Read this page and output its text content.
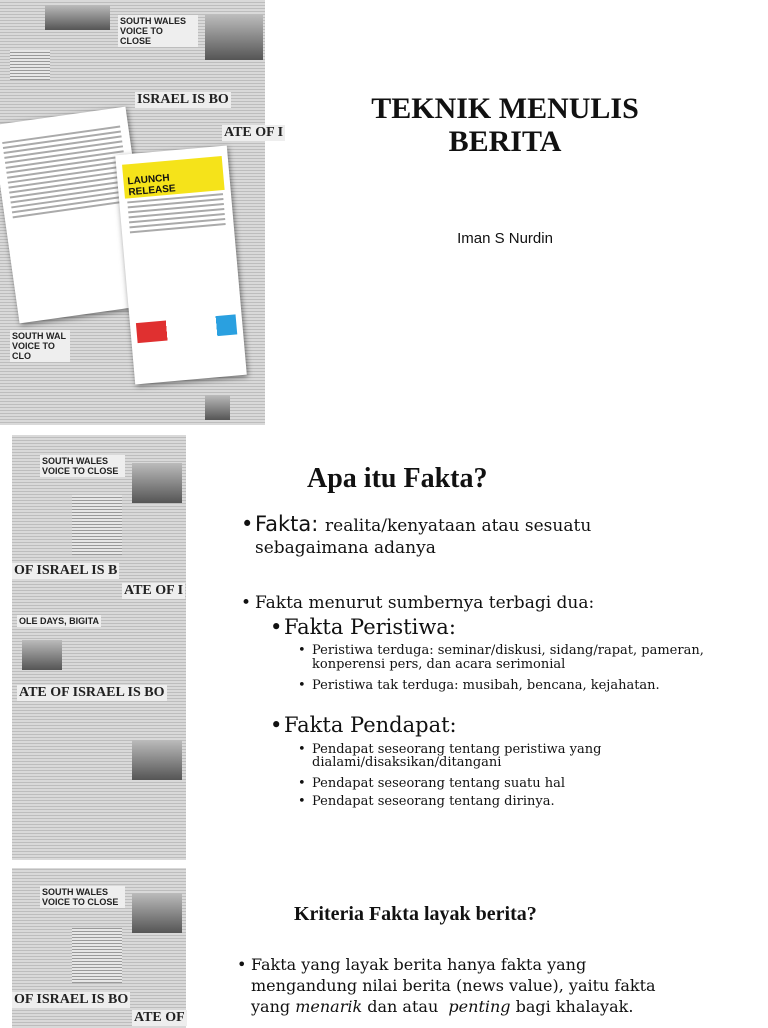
SOUTH WALES VOICE TO CLOSE
ISRAEL IS BO
ATE OF I
SOUTH WAL VOICE TO CLO
LAUNCH RELEASE
TEKNIK MENULIS
BERITA
Iman S Nurdin
SOUTH WALES VOICE TO CLOSE
OF ISRAEL IS B
ATE OF I
OLE DAYS, BIGITA
ATE OF ISRAEL IS BO
Apa itu Fakta?
• Fakta: realita/kenyataan atau sesuatu
sebagaimana adanya
• Fakta menurut sumbernya terbagi dua:
• Fakta Peristiwa:
• Peristiwa terduga: seminar/diskusi, sidang/rapat, pameran,
konperensi pers, dan acara serimonial
• Peristiwa tak terduga: musibah, bencana, kejahatan.
• Fakta Pendapat:
• Pendapat seseorang tentang peristiwa yang
dialami/disaksikan/ditangani
• Pendapat seseorang tentang suatu hal
• Pendapat seseorang tentang dirinya.
SOUTH WALES VOICE TO CLOSE
OF ISRAEL IS BO
ATE OF
Kriteria Fakta layak berita?
• Fakta yang layak berita hanya fakta yang
mengandung nilai berita (news value), yaitu fakta
yang menarik dan atau  penting bagi khalayak.
